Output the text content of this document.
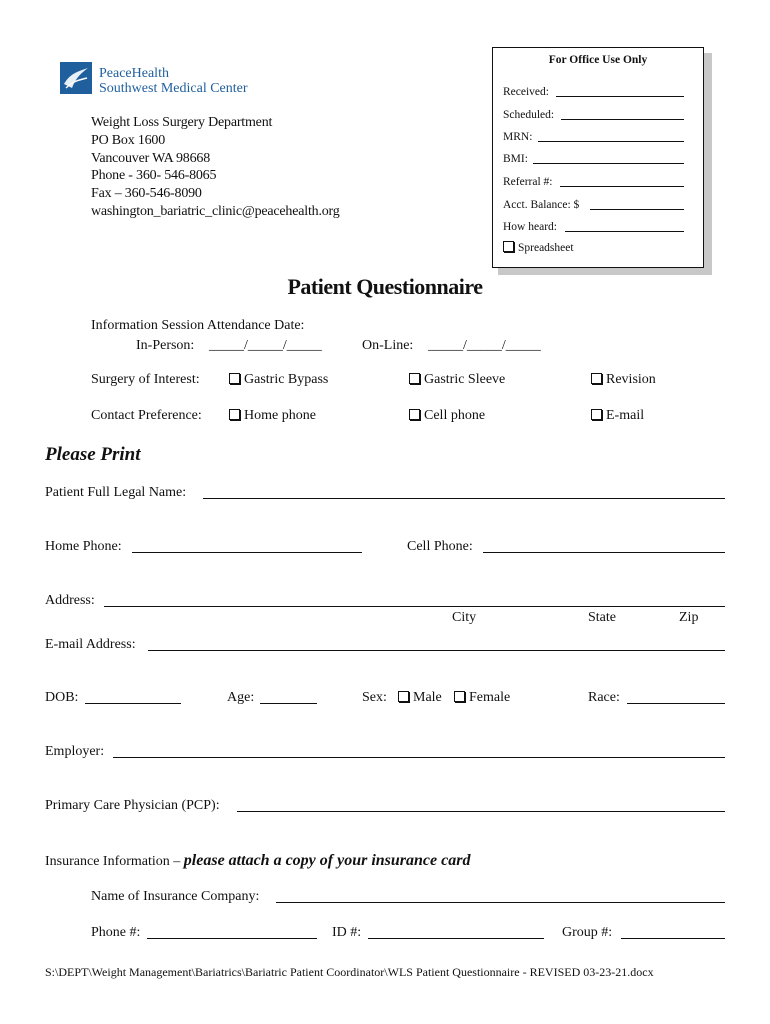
PeaceHealth
Southwest Medical Center
Weight Loss Surgery Department
PO Box 1600
Vancouver WA 98668
Phone - 360- 546-8065
Fax – 360-546-8090
washington_bariatric_clinic@peacehealth.org
For Office Use Only
Received:
Scheduled:
MRN:
BMI:
Referral #:
Acct. Balance: $
How heard:
Spreadsheet
Patient Questionnaire
Information Session Attendance Date:
In-Person: _____/_____/_____	On-Line: _____/_____/_____
Surgery of Interest:	Gastric Bypass	Gastric Sleeve	Revision
Contact Preference:	Home phone	Cell phone	E-mail
Please Print
Patient Full Legal Name:
Home Phone:	Cell Phone:
Address:
City	State	Zip
E-mail Address:
DOB:	Age:	Sex:	Male	Female	Race:
Employer:
Primary Care Physician (PCP):
Insurance Information – please attach a copy of your insurance card
Name of Insurance Company:
Phone #:	ID #:	Group #:
S:\DEPT\Weight Management\Bariatrics\Bariatric Patient Coordinator\WLS Patient Questionnaire - REVISED 03-23-21.docx
